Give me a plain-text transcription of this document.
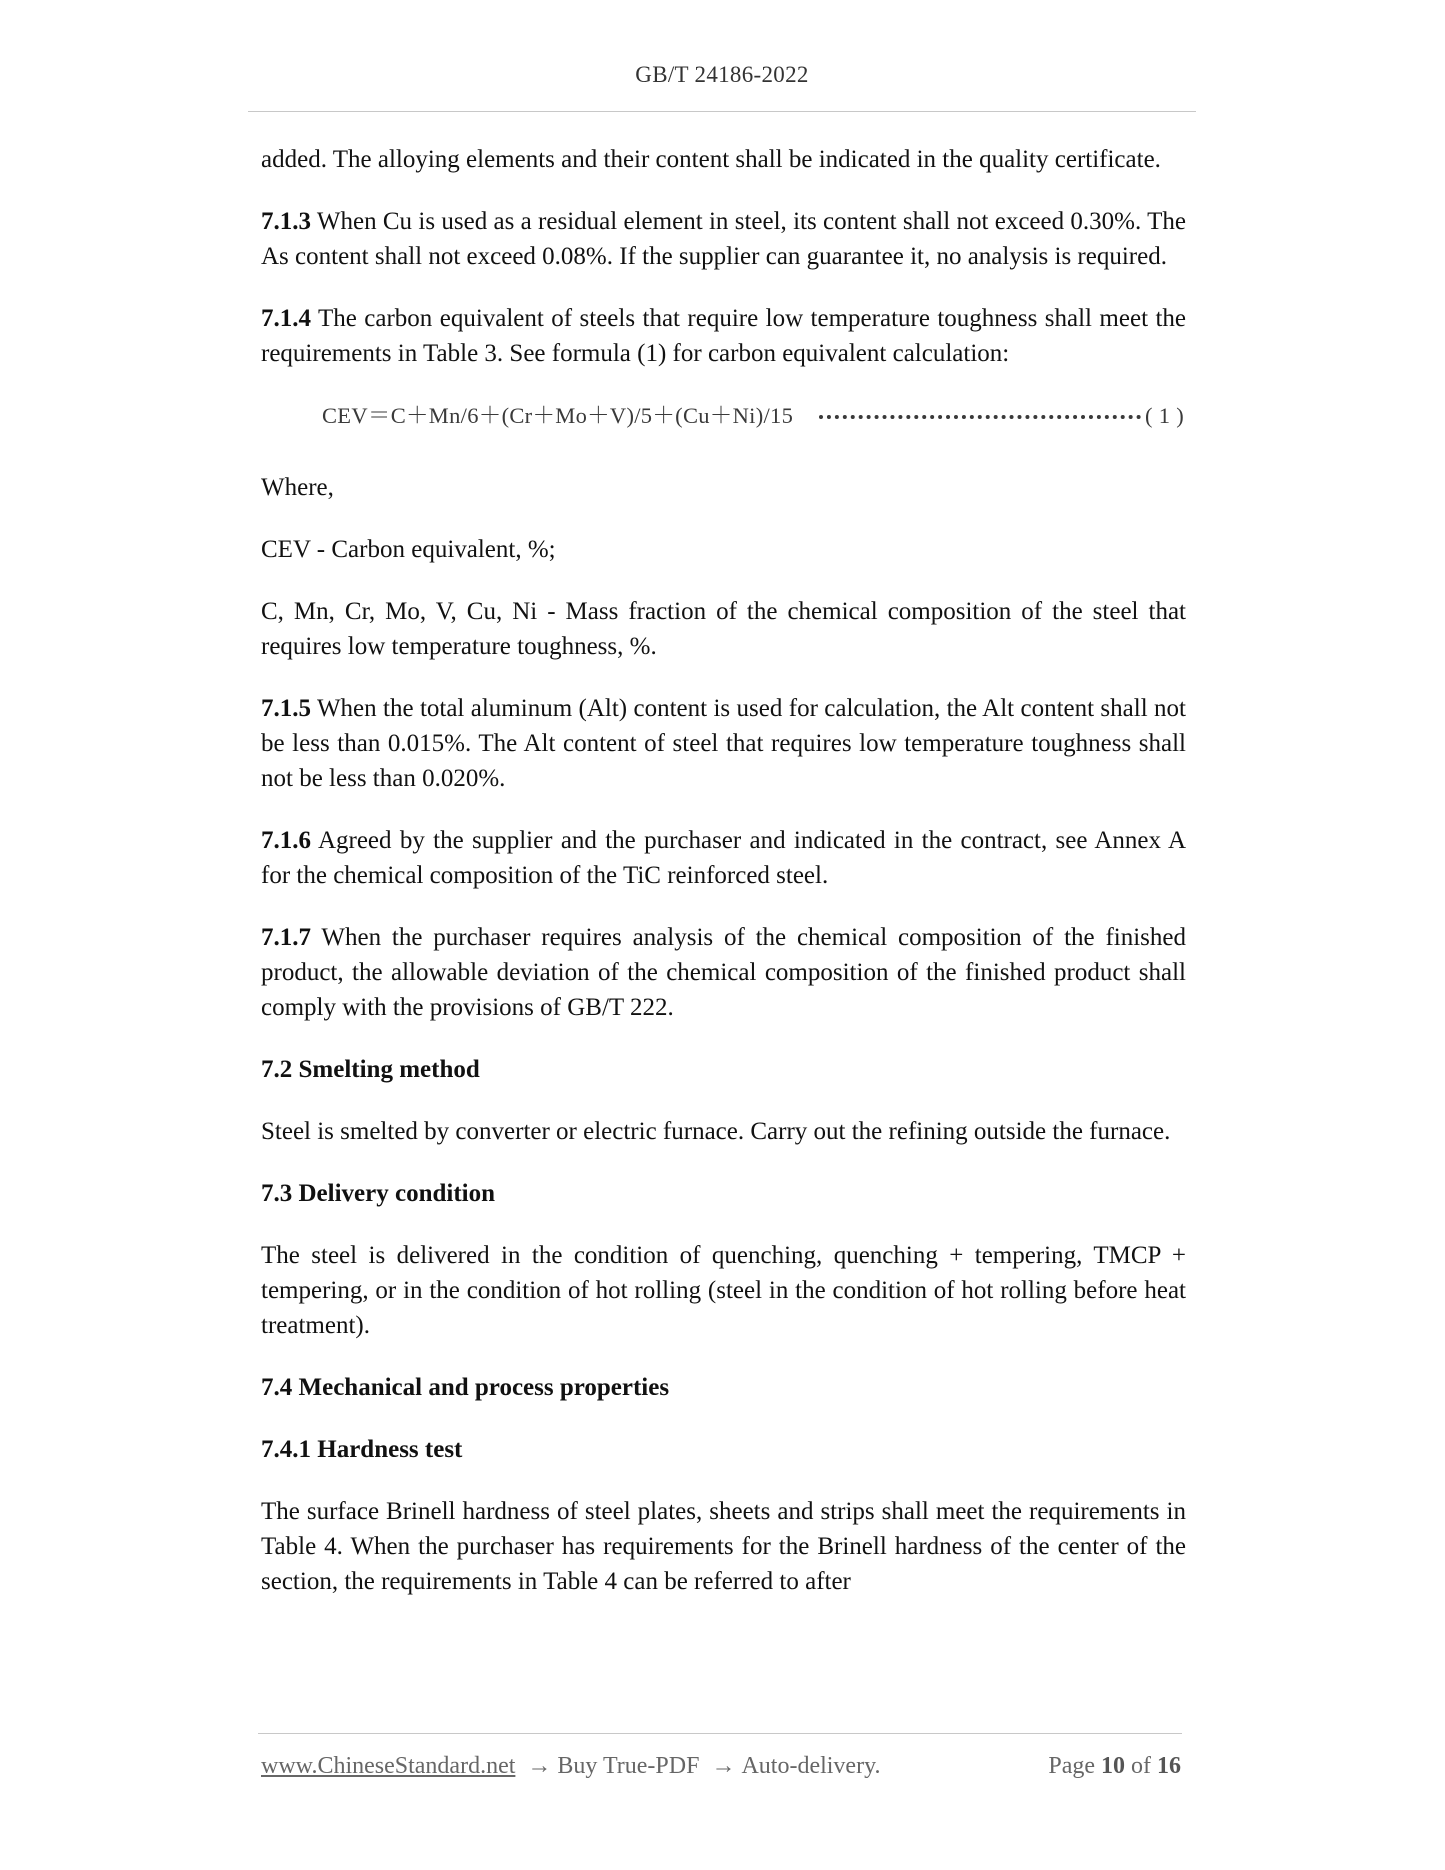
GB/T 24186-2022

added. The alloying elements and their content shall be indicated in the quality certificate.

7.1.3 When Cu is used as a residual element in steel, its content shall not exceed 0.30%. The As content shall not exceed 0.08%. If the supplier can guarantee it, no analysis is required.

7.1.4 The carbon equivalent of steels that require low temperature toughness shall meet the requirements in Table 3. See formula (1) for carbon equivalent calculation:

CEV＝C＋Mn/6＋(Cr＋Mo＋V)/5＋(Cu＋Ni)/15	( 1 )

Where,

CEV - Carbon equivalent, %;

C, Mn, Cr, Mo, V, Cu, Ni - Mass fraction of the chemical composition of the steel that requires low temperature toughness, %.

7.1.5 When the total aluminum (Alt) content is used for calculation, the Alt content shall not be less than 0.015%. The Alt content of steel that requires low temperature toughness shall not be less than 0.020%.

7.1.6 Agreed by the supplier and the purchaser and indicated in the contract, see Annex A for the chemical composition of the TiC reinforced steel.

7.1.7 When the purchaser requires analysis of the chemical composition of the finished product, the allowable deviation of the chemical composition of the finished product shall comply with the provisions of GB/T 222.

7.2 Smelting method

Steel is smelted by converter or electric furnace. Carry out the refining outside the furnace.

7.3 Delivery condition

The steel is delivered in the condition of quenching, quenching + tempering, TMCP + tempering, or in the condition of hot rolling (steel in the condition of hot rolling before heat treatment).

7.4 Mechanical and process properties
7.4.1 Hardness test

The surface Brinell hardness of steel plates, sheets and strips shall meet the requirements in Table 4. When the purchaser has requirements for the Brinell hardness of the center of the section, the requirements in Table 4 can be referred to after

www.ChineseStandard.net → Buy True-PDF → Auto-delivery.	Page 10 of 16
